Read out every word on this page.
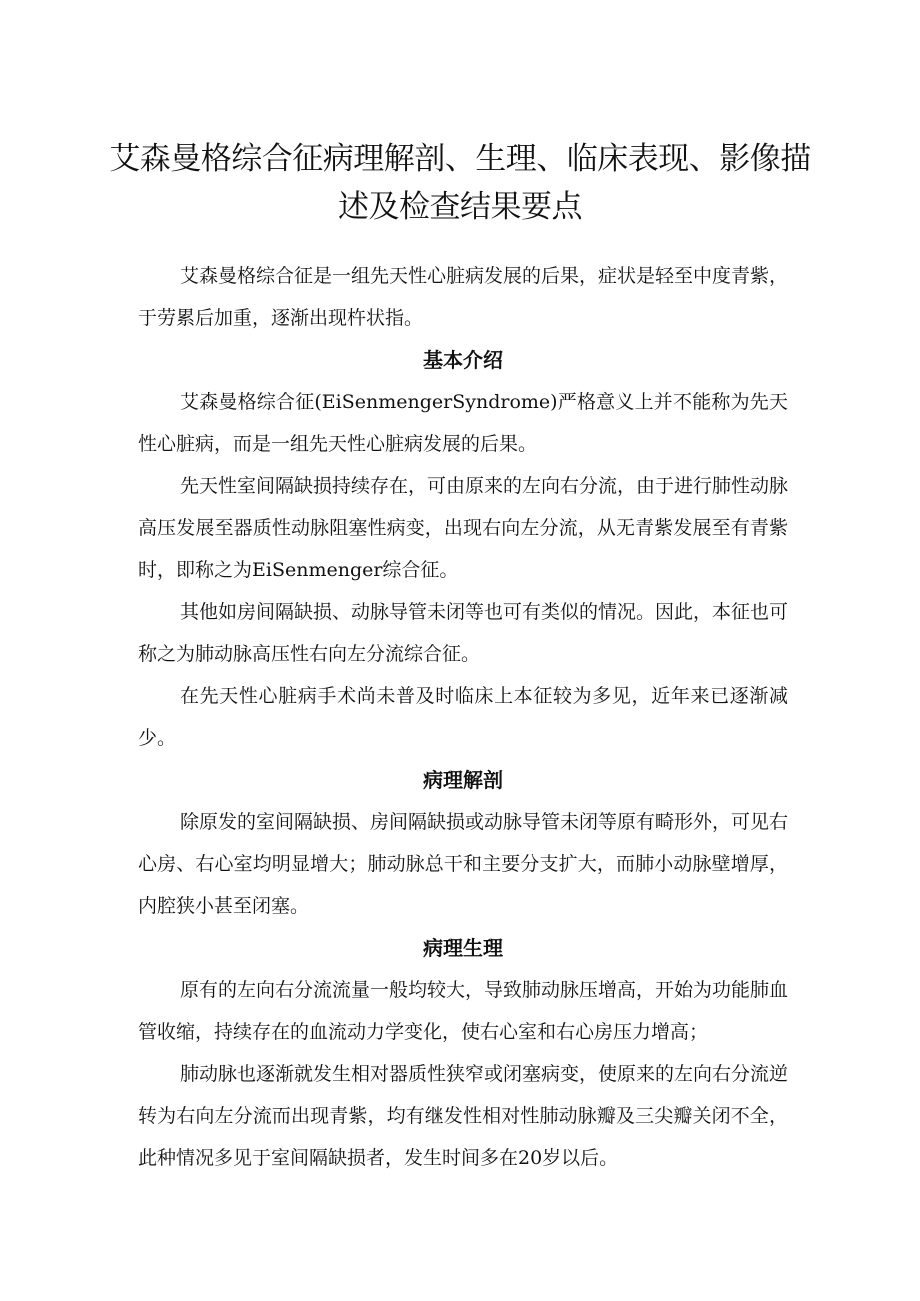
艾森曼格综合征病理解剖、生理、临床表现、影像描述及检查结果要点

艾森曼格综合征是一组先天性心脏病发展的后果，症状是轻至中度青紫，于劳累后加重，逐渐出现杵状指。

基本介绍

艾森曼格综合征(EiSenmengerSyndrome)严格意义上并不能称为先天性心脏病，而是一组先天性心脏病发展的后果。

先天性室间隔缺损持续存在，可由原来的左向右分流，由于进行肺性动脉高压发展至器质性动脉阻塞性病变，出现右向左分流，从无青紫发展至有青紫时，即称之为EiSenmenger综合征。

其他如房间隔缺损、动脉导管未闭等也可有类似的情况。因此，本征也可称之为肺动脉高压性右向左分流综合征。

在先天性心脏病手术尚未普及时临床上本征较为多见，近年来已逐渐减少。

病理解剖

除原发的室间隔缺损、房间隔缺损或动脉导管未闭等原有畸形外，可见右心房、右心室均明显增大；肺动脉总干和主要分支扩大，而肺小动脉壁增厚，内腔狭小甚至闭塞。

病理生理

原有的左向右分流流量一般均较大，导致肺动脉压增高，开始为功能肺血管收缩，持续存在的血流动力学变化，使右心室和右心房压力增高；

肺动脉也逐渐就发生相对器质性狭窄或闭塞病变，使原来的左向右分流逆转为右向左分流而出现青紫，均有继发性相对性肺动脉瓣及三尖瓣关闭不全，此种情况多见于室间隔缺损者，发生时间多在20岁以后。
